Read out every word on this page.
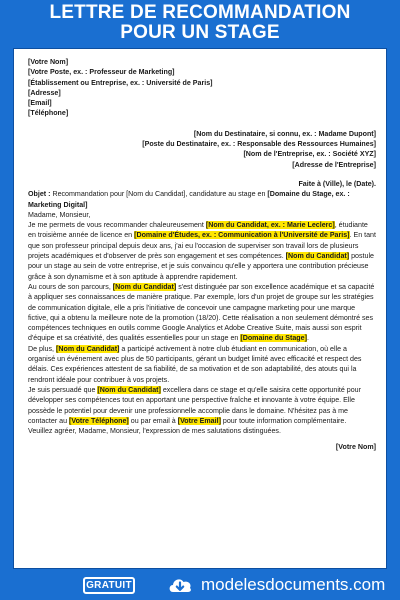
LETTRE DE RECOMMANDATION
POUR UN STAGE
[Votre Nom]
[Votre Poste, ex. : Professeur de Marketing]
[Établissement ou Entreprise, ex. : Université de Paris]
[Adresse]
[Email]
[Téléphone]
[Nom du Destinataire, si connu, ex. : Madame Dupont]
[Poste du Destinataire, ex. : Responsable des Ressources Humaines]
[Nom de l'Entreprise, ex. : Société XYZ]
[Adresse de l'Entreprise]
Faite à (Ville), le (Date).

Objet : Recommandation pour [Nom du Candidat], candidature au stage en [Domaine du Stage, ex. : Marketing Digital]

Madame, Monsieur,

Je me permets de vous recommander chaleureusement [Nom du Candidat, ex. : Marie Leclerc], étudiante en troisième année de licence en [Domaine d'Études, ex. : Communication à l'Université de Paris]. En tant que son professeur principal depuis deux ans, j'ai eu l'occasion de superviser son travail lors de plusieurs projets académiques et d'observer de près son engagement et ses compétences. [Nom du Candidat] postule pour un stage au sein de votre entreprise, et je suis convaincu qu'elle y apportera une contribution précieuse grâce à son dynamisme et à son aptitude à apprendre rapidement.

Au cours de son parcours, [Nom du Candidat] s'est distinguée par son excellence académique et sa capacité à appliquer ses connaissances de manière pratique. Par exemple, lors d'un projet de groupe sur les stratégies de communication digitale, elle a pris l'initiative de concevoir une campagne marketing pour une marque fictive, qui a obtenu la meilleure note de la promotion (18/20). Cette réalisation a non seulement démontré ses compétences techniques en outils comme Google Analytics et Adobe Creative Suite, mais aussi son esprit d'équipe et sa créativité, des qualités essentielles pour un stage en [Domaine du Stage].

De plus, [Nom du Candidat] a participé activement à notre club étudiant en communication, où elle a organisé un événement avec plus de 50 participants, gérant un budget limité avec efficacité et respect des délais. Ces expériences attestent de sa fiabilité, de sa motivation et de son adaptabilité, des atouts qui la rendront idéale pour contribuer à vos projets.

Je suis persuadé que [Nom du Candidat] excellera dans ce stage et qu'elle saisira cette opportunité pour développer ses compétences tout en apportant une perspective fraîche et innovante à votre équipe. Elle possède le potentiel pour devenir une professionnelle accomplie dans le domaine. N'hésitez pas à me contacter au [Votre Téléphone] ou par email à [Votre Email] pour toute information complémentaire.

Veuillez agréer, Madame, Monsieur, l'expression de mes salutations distinguées.

[Votre Nom]
GRATUIT	modelesdocuments.com
